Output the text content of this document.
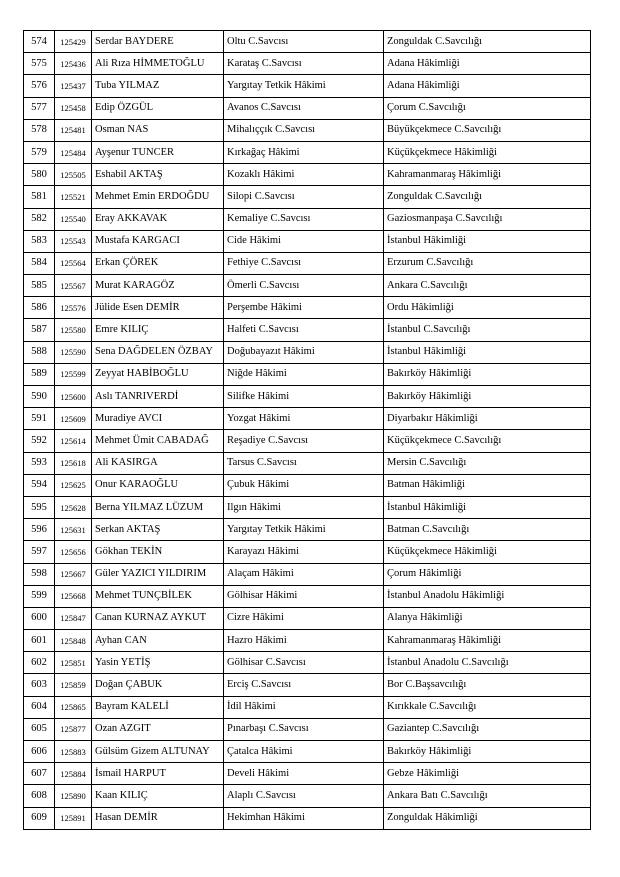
574	125429	Serdar BAYDERE	Oltu C.Savcısı	Zonguldak C.Savcılığı
575	125436	Ali Rıza HİMMETOĞLU	Karataş C.Savcısı	Adana Hâkimliği
576	125437	Tuba YILMAZ	Yargıtay Tetkik Hâkimi	Adana Hâkimliği
577	125458	Edip ÖZGÜL	Avanos C.Savcısı	Çorum C.Savcılığı
578	125481	Osman NAS	Mihalıççık C.Savcısı	Büyükçekmece C.Savcılığı
579	125484	Ayşenur TUNCER	Kırkağaç Hâkimi	Küçükçekmece Hâkimliği
580	125505	Eshabil AKTAŞ	Kozaklı Hâkimi	Kahramanmaraş Hâkimliği
581	125521	Mehmet Emin ERDOĞDU	Silopi C.Savcısı	Zonguldak C.Savcılığı
582	125540	Eray AKKAVAK	Kemaliye C.Savcısı	Gaziosmanpaşa C.Savcılığı
583	125543	Mustafa KARGACI	Cide Hâkimi	İstanbul Hâkimliği
584	125564	Erkan ÇÖREK	Fethiye C.Savcısı	Erzurum C.Savcılığı
585	125567	Murat KARAGÖZ	Ömerli C.Savcısı	Ankara C.Savcılığı
586	125576	Jülide Esen DEMİR	Perşembe Hâkimi	Ordu Hâkimliği
587	125580	Emre KILIÇ	Halfeti C.Savcısı	İstanbul C.Savcılığı
588	125590	Sena DAĞDELEN ÖZBAY	Doğubayazıt Hâkimi	İstanbul Hâkimliği
589	125599	Zeyyat HABİBOĞLU	Niğde Hâkimi	Bakırköy Hâkimliği
590	125600	Aslı TANRIVERDİ	Silifke Hâkimi	Bakırköy Hâkimliği
591	125609	Muradiye AVCI	Yozgat Hâkimi	Diyarbakır Hâkimliği
592	125614	Mehmet Ümit CABADAĞ	Reşadiye C.Savcısı	Küçükçekmece C.Savcılığı
593	125618	Ali KASIRGA	Tarsus C.Savcısı	Mersin C.Savcılığı
594	125625	Onur KARAOĞLU	Çubuk Hâkimi	Batman Hâkimliği
595	125628	Berna YILMAZ LÜZUM	Ilgın Hâkimi	İstanbul Hâkimliği
596	125631	Serkan AKTAŞ	Yargıtay Tetkik Hâkimi	Batman C.Savcılığı
597	125656	Gökhan TEKİN	Karayazı Hâkimi	Küçükçekmece Hâkimliği
598	125667	Güler YAZICI YILDIRIM	Alaçam Hâkimi	Çorum Hâkimliği
599	125668	Mehmet TUNÇBİLEK	Gölhisar Hâkimi	İstanbul Anadolu Hâkimliği
600	125847	Canan KURNAZ AYKUT	Cizre Hâkimi	Alanya Hâkimliği
601	125848	Ayhan CAN	Hazro Hâkimi	Kahramanmaraş Hâkimliği
602	125851	Yasin YETİŞ	Gölhisar C.Savcısı	İstanbul Anadolu C.Savcılığı
603	125859	Doğan ÇABUK	Erciş C.Savcısı	Bor C.Başsavcılığı
604	125865	Bayram KALELİ	İdil Hâkimi	Kırıkkale C.Savcılığı
605	125877	Ozan AZGIT	Pınarbaşı C.Savcısı	Gaziantep C.Savcılığı
606	125883	Gülsüm Gizem ALTUNAY	Çatalca Hâkimi	Bakırköy Hâkimliği
607	125884	İsmail HARPUT	Develi Hâkimi	Gebze Hâkimliği
608	125890	Kaan KILIÇ	Alaplı C.Savcısı	Ankara Batı C.Savcılığı
609	125891	Hasan DEMİR	Hekimhan Hâkimi	Zonguldak Hâkimliği
